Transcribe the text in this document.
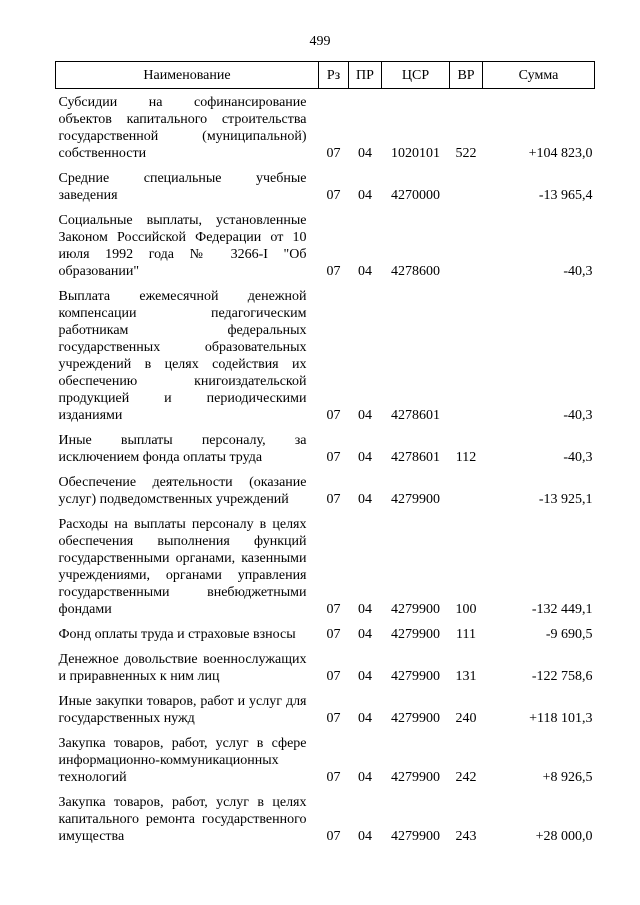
499
Наименование	Рз	ПР	ЦСР	ВР	Сумма
Субсидии на софинансирование объектов капитального строительства государственной (муниципальной) собственности	07	04	1020101	522	+104 823,0
Средние специальные учебные заведения	07	04	4270000		-13 965,4
Социальные выплаты, установленные Законом Российской Федерации от 10 июля 1992 года № 3266-I "Об образовании"	07	04	4278600		-40,3
Выплата ежемесячной денежной компенсации педагогическим работникам федеральных государственных образовательных учреждений в целях содействия их обеспечению книгоиздательской продукцией и периодическими изданиями	07	04	4278601		-40,3
Иные выплаты персоналу, за исключением фонда оплаты труда	07	04	4278601	112	-40,3
Обеспечение деятельности (оказание услуг) подведомственных учреждений	07	04	4279900		-13 925,1
Расходы на выплаты персоналу в целях обеспечения выполнения функций государственными органами, казенными учреждениями, органами управления государственными внебюджетными фондами	07	04	4279900	100	-132 449,1
Фонд оплаты труда и страховые взносы	07	04	4279900	111	-9 690,5
Денежное довольствие военнослужащих и приравненных к ним лиц	07	04	4279900	131	-122 758,6
Иные закупки товаров, работ и услуг для государственных нужд	07	04	4279900	240	+118 101,3
Закупка товаров, работ, услуг в сфере информационно-коммуникационных технологий	07	04	4279900	242	+8 926,5
Закупка товаров, работ, услуг в целях капитального ремонта государственного имущества	07	04	4279900	243	+28 000,0
